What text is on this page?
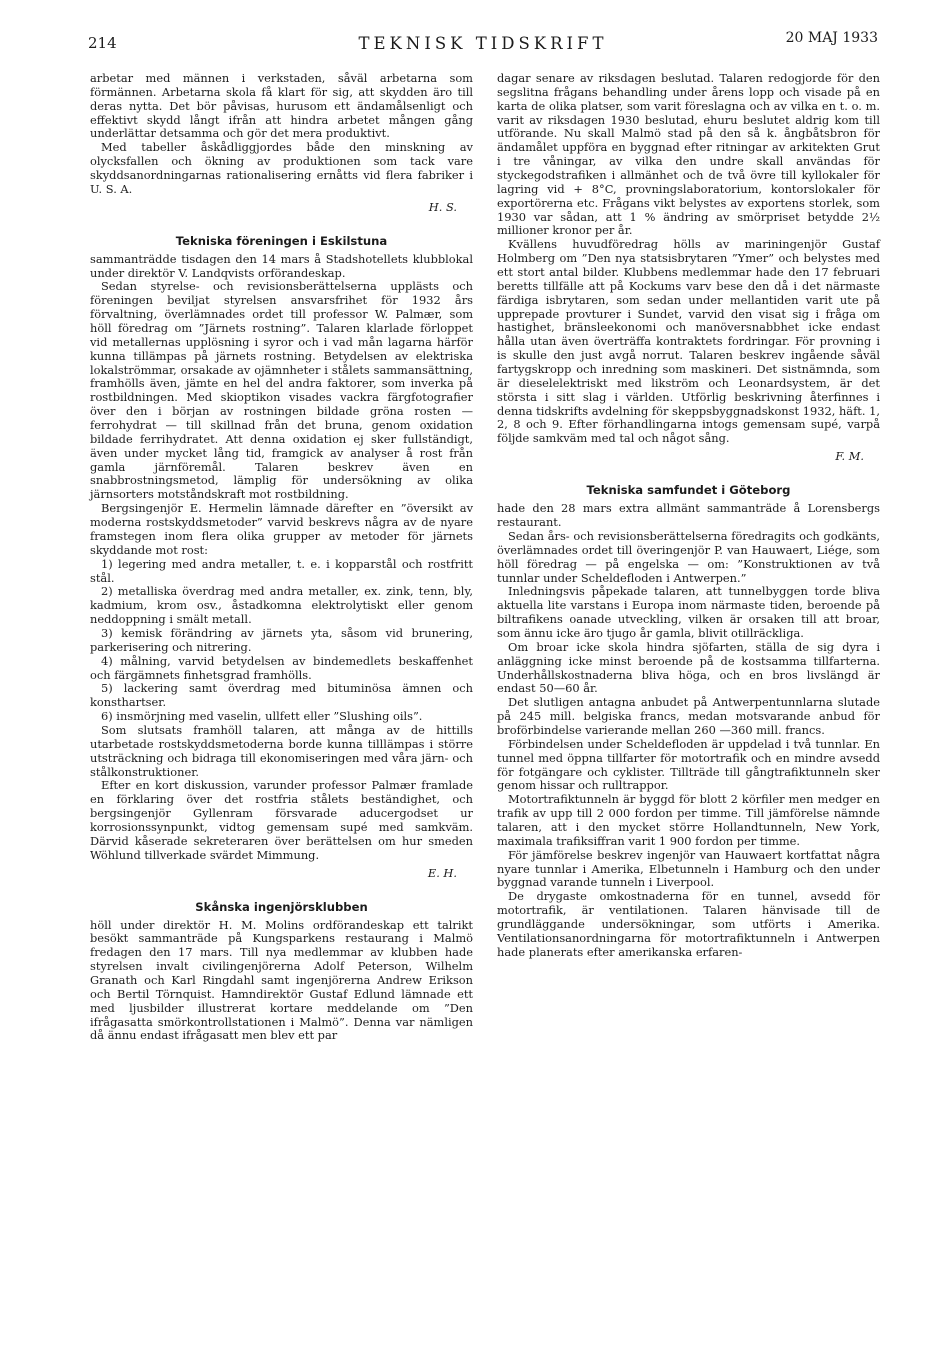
214	TEKNISK TIDSKRIFT	20 MAJ 1933

arbetar med männen i verkstaden, såväl arbetarna som förmännen. Arbetarna skola få klart för sig, att skydden äro till deras nytta. Det bör påvisas, hurusom ett ändamålsenligt och effektivt skydd långt ifrån att hindra arbetet mången gång underlättar detsamma och gör det mera produktivt.

Med tabeller åskådliggjordes både den minskning av olycksfallen och ökning av produktionen som tack vare skyddsanordningarnas rationalisering ernåtts vid flera fabriker i U. S. A.

H. S.
Tekniska föreningen i Eskilstuna

sammanträdde tisdagen den 14 mars å Stadshotellets klubblokal under direktör V. Landqvists orförandeskap.

Sedan styrelse- och revisionsberättelserna upplästs och föreningen beviljat styrelsen ansvarsfrihet för 1932 års förvaltning, överlämnades ordet till professor W. Palmær, som höll föredrag om ”Järnets rostning”. Talaren klarlade förloppet vid metallernas upplösning i syror och i vad mån lagarna härför kunna tillämpas på järnets rostning. Betydelsen av elektriska lokalströmmar, orsakade av ojämnheter i stålets sammansättning, framhölls även, jämte en hel del andra faktorer, som inverka på rostbildningen. Med skioptikon visades vackra färgfotografier över den i början av rostningen bildade gröna rosten — ferrohydrat — till skillnad från det bruna, genom oxidation bildade ferrihydratet. Att denna oxidation ej sker fullständigt, även under mycket lång tid, framgick av analyser å rost från gamla järnföremål. Talaren beskrev även en snabbrostningsmetod, lämplig för undersökning av olika järnsorters motståndskraft mot rostbildning.

Bergsingenjör E. Hermelin lämnade därefter en ”översikt av moderna rostskyddsmetoder” varvid beskrevs några av de nyare framstegen inom flera olika grupper av metoder för järnets skyddande mot rost:

1) legering med andra metaller, t. e. i kopparstål och rostfritt stål.

2) metalliska överdrag med andra metaller, ex. zink, tenn, bly, kadmium, krom osv., åstadkomna elektrolytiskt eller genom neddoppning i smält metall.

3) kemisk förändring av järnets yta, såsom vid brunering, parkerisering och nitrering.

4) målning, varvid betydelsen av bindemedlets beskaffenhet och färgämnets finhetsgrad framhölls.

5) lackering samt överdrag med bituminösa ämnen och konsthartser.

6) insmörjning med vaselin, ullfett eller ”Slushing oils”.

Som slutsats framhöll talaren, att många av de hittills utarbetade rostskyddsmetoderna borde kunna tilllämpas i större utsträckning och bidraga till ekonomiseringen med våra järn- och stålkonstruktioner.

Efter en kort diskussion, varunder professor Palmær framlade en förklaring över det rostfria stålets beständighet, och bergsingenjör Gyllenram försvarade aducergodset ur korrosionssynpunkt, vidtog gemensam supé med samkväm. Därvid kåserade sekreteraren över berättelsen om hur smeden Wöhlund tillverkade svärdet Mimmung.

E. H.
Skånska ingenjörsklubben

höll under direktör H. M. Molins ordförandeskap ett talrikt besökt sammanträde på Kungsparkens restaurang i Malmö fredagen den 17 mars. Till nya medlemmar av klubben hade styrelsen invalt civilingenjörerna Adolf Peterson, Wilhelm Granath och Karl Ringdahl samt ingenjörerna Andrew Erikson och Bertil Törnquist. Hamndirektör Gustaf Edlund lämnade ett med ljusbilder illustrerat kortare meddelande om ”Den ifrågasatta smörkontrollstationen i Malmö”. Denna var nämligen då ännu endast ifrågasatt men blev ett par

dagar senare av riksdagen beslutad. Talaren redogjorde för den segslitna frågans behandling under årens lopp och visade på en karta de olika platser, som varit föreslagna och av vilka en t. o. m. varit av riksdagen 1930 beslutad, ehuru beslutet aldrig kom till utförande. Nu skall Malmö stad på den så k. ångbåtsbron för ändamålet uppföra en byggnad efter ritningar av arkitekten Grut i tre våningar, av vilka den undre skall användas för styckegodstrafiken i allmänhet och de två övre till kyllokaler för lagring vid + 8°C, provningslaboratorium, kontorslokaler för exportörerna etc. Frågans vikt belystes av exportens storlek, som 1930 var sådan, att 1 % ändring av smörpriset betydde 2½ millioner kronor per år.

Kvällens huvudföredrag hölls av mariningenjör Gustaf Holmberg om ”Den nya statsisbrytaren ”Ymer” och belystes med ett stort antal bilder. Klubbens medlemmar hade den 17 februari beretts tillfälle att på Kockums varv bese den då i det närmaste färdiga isbrytaren, som sedan under mellantiden varit ute på upprepade provturer i Sundet, varvid den visat sig i fråga om hastighet, bränsleekonomi och manöversnabbhet icke endast hålla utan även överträffa kontraktets fordringar. För provning i is skulle den just avgå norrut. Talaren beskrev ingående såväl fartygskropp och inredning som maskineri. Det sistnämnda, som är dieselelektriskt med likström och Leonardsystem, är det största i sitt slag i världen. Utförlig beskrivning återfinnes i denna tidskrifts avdelning för skeppsbyggnadskonst 1932, häft. 1, 2, 8 och 9. Efter förhandlingarna intogs gemensam supé, varpå följde samkväm med tal och något sång.

F. M.
Tekniska samfundet i Göteborg

hade den 28 mars extra allmänt sammanträde å Lorensbergs restaurant.

Sedan års- och revisionsberättelserna föredragits och godkänts, överlämnades ordet till överingenjör P. van Hauwaert, Liége, som höll föredrag — på engelska — om: ”Konstruktionen av två tunnlar under Scheldefloden i Antwerpen.”

Inledningsvis påpekade talaren, att tunnelbyggen torde bliva aktuella lite varstans i Europa inom närmaste tiden, beroende på biltrafikens oanade utveckling, vilken är orsaken till att broar, som ännu icke äro tjugo år gamla, blivit otillräckliga.

Om broar icke skola hindra sjöfarten, ställa de sig dyra i anläggning icke minst beroende på de kostsamma tillfarterna. Underhållskostnaderna bliva höga, och en bros livslängd är endast 50—60 år.

Det slutligen antagna anbudet på Antwerpentunnlarna slutade på 245 mill. belgiska francs, medan motsvarande anbud för broförbindelse varierande mellan 260 —360 mill. francs.

Förbindelsen under Scheldefloden är uppdelad i två tunnlar. En tunnel med öppna tillfarter för motortrafik och en mindre avsedd för fotgängare och cyklister. Tillträde till gångtrafiktunneln sker genom hissar och rulltrappor.

Motortrafiktunneln är byggd för blott 2 körfiler men medger en trafik av upp till 2 000 fordon per timme. Till jämförelse nämnde talaren, att i den mycket större Hollandtunneln, New York, maximala trafiksiffran varit 1 900 fordon per timme.

För jämförelse beskrev ingenjör van Hauwaert kortfattat några nyare tunnlar i Amerika, Elbetunneln i Hamburg och den under byggnad varande tunneln i Liverpool.

De drygaste omkostnaderna för en tunnel, avsedd för motortrafik, är ventilationen. Talaren hänvisade till de grundläggande undersökningar, som utförts i Amerika. Ventilationsanordningarna för motortrafiktunneln i Antwerpen hade planerats efter amerikanska erfaren-
